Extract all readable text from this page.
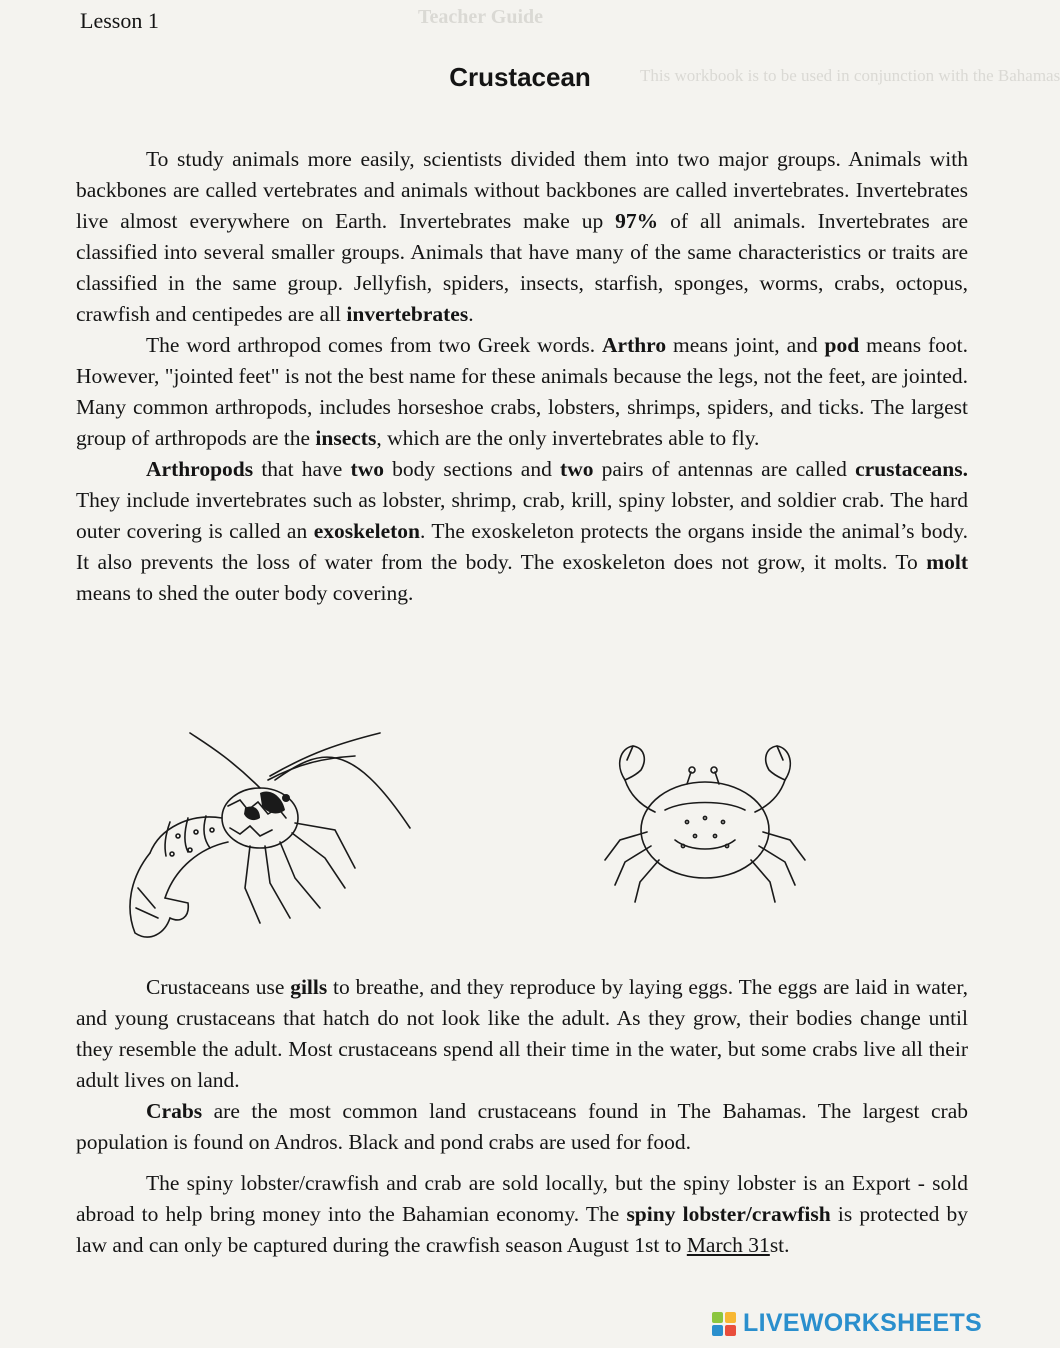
Teacher Guide
This workbook is to be used in conjunction with the Bahamas
Lesson 1
Crustacean

To study animals more easily, scientists divided them into two major groups. Animals with backbones are called vertebrates and animals without backbones are called invertebrates. Invertebrates live almost everywhere on Earth. Invertebrates make up 97% of all animals. Invertebrates are classified into several smaller groups. Animals that have many of the same characteristics or traits are classified in the same group. Jellyfish, spiders, insects, starfish, sponges, worms, crabs, octopus, crawfish and centipedes are all invertebrates.

The word arthropod comes from two Greek words. Arthro means joint, and pod means foot. However, "jointed feet" is not the best name for these animals because the legs, not the feet, are jointed. Many common arthropods, includes horseshoe crabs, lobsters, shrimps, spiders, and ticks. The largest group of arthropods are the insects, which are the only invertebrates able to fly.

Arthropods that have two body sections and two pairs of antennas are called crustaceans. They include invertebrates such as lobster, shrimp, crab, krill, spiny lobster, and soldier crab. The hard outer covering is called an exoskeleton. The exoskeleton protects the organs inside the animal’s body. It also prevents the loss of water from the body. The exoskeleton does not grow, it molts. To molt means to shed the outer body covering.

Crustaceans use gills to breathe, and they reproduce by laying eggs. The eggs are laid in water, and young crustaceans that hatch do not look like the adult. As they grow, their bodies change until they resemble the adult. Most crustaceans spend all their time in the water, but some crabs live all their adult lives on land.

Crabs are the most common land crustaceans found in The Bahamas. The largest crab population is found on Andros. Black and pond crabs are used for food.

The spiny lobster/crawfish and crab are sold locally, but the spiny lobster is an Export - sold abroad to help bring money into the Bahamian economy. The spiny lobster/crawfish is protected by law and can only be captured during the crawfish season August 1st to March 31st.

LIVEWORKSHEETS
